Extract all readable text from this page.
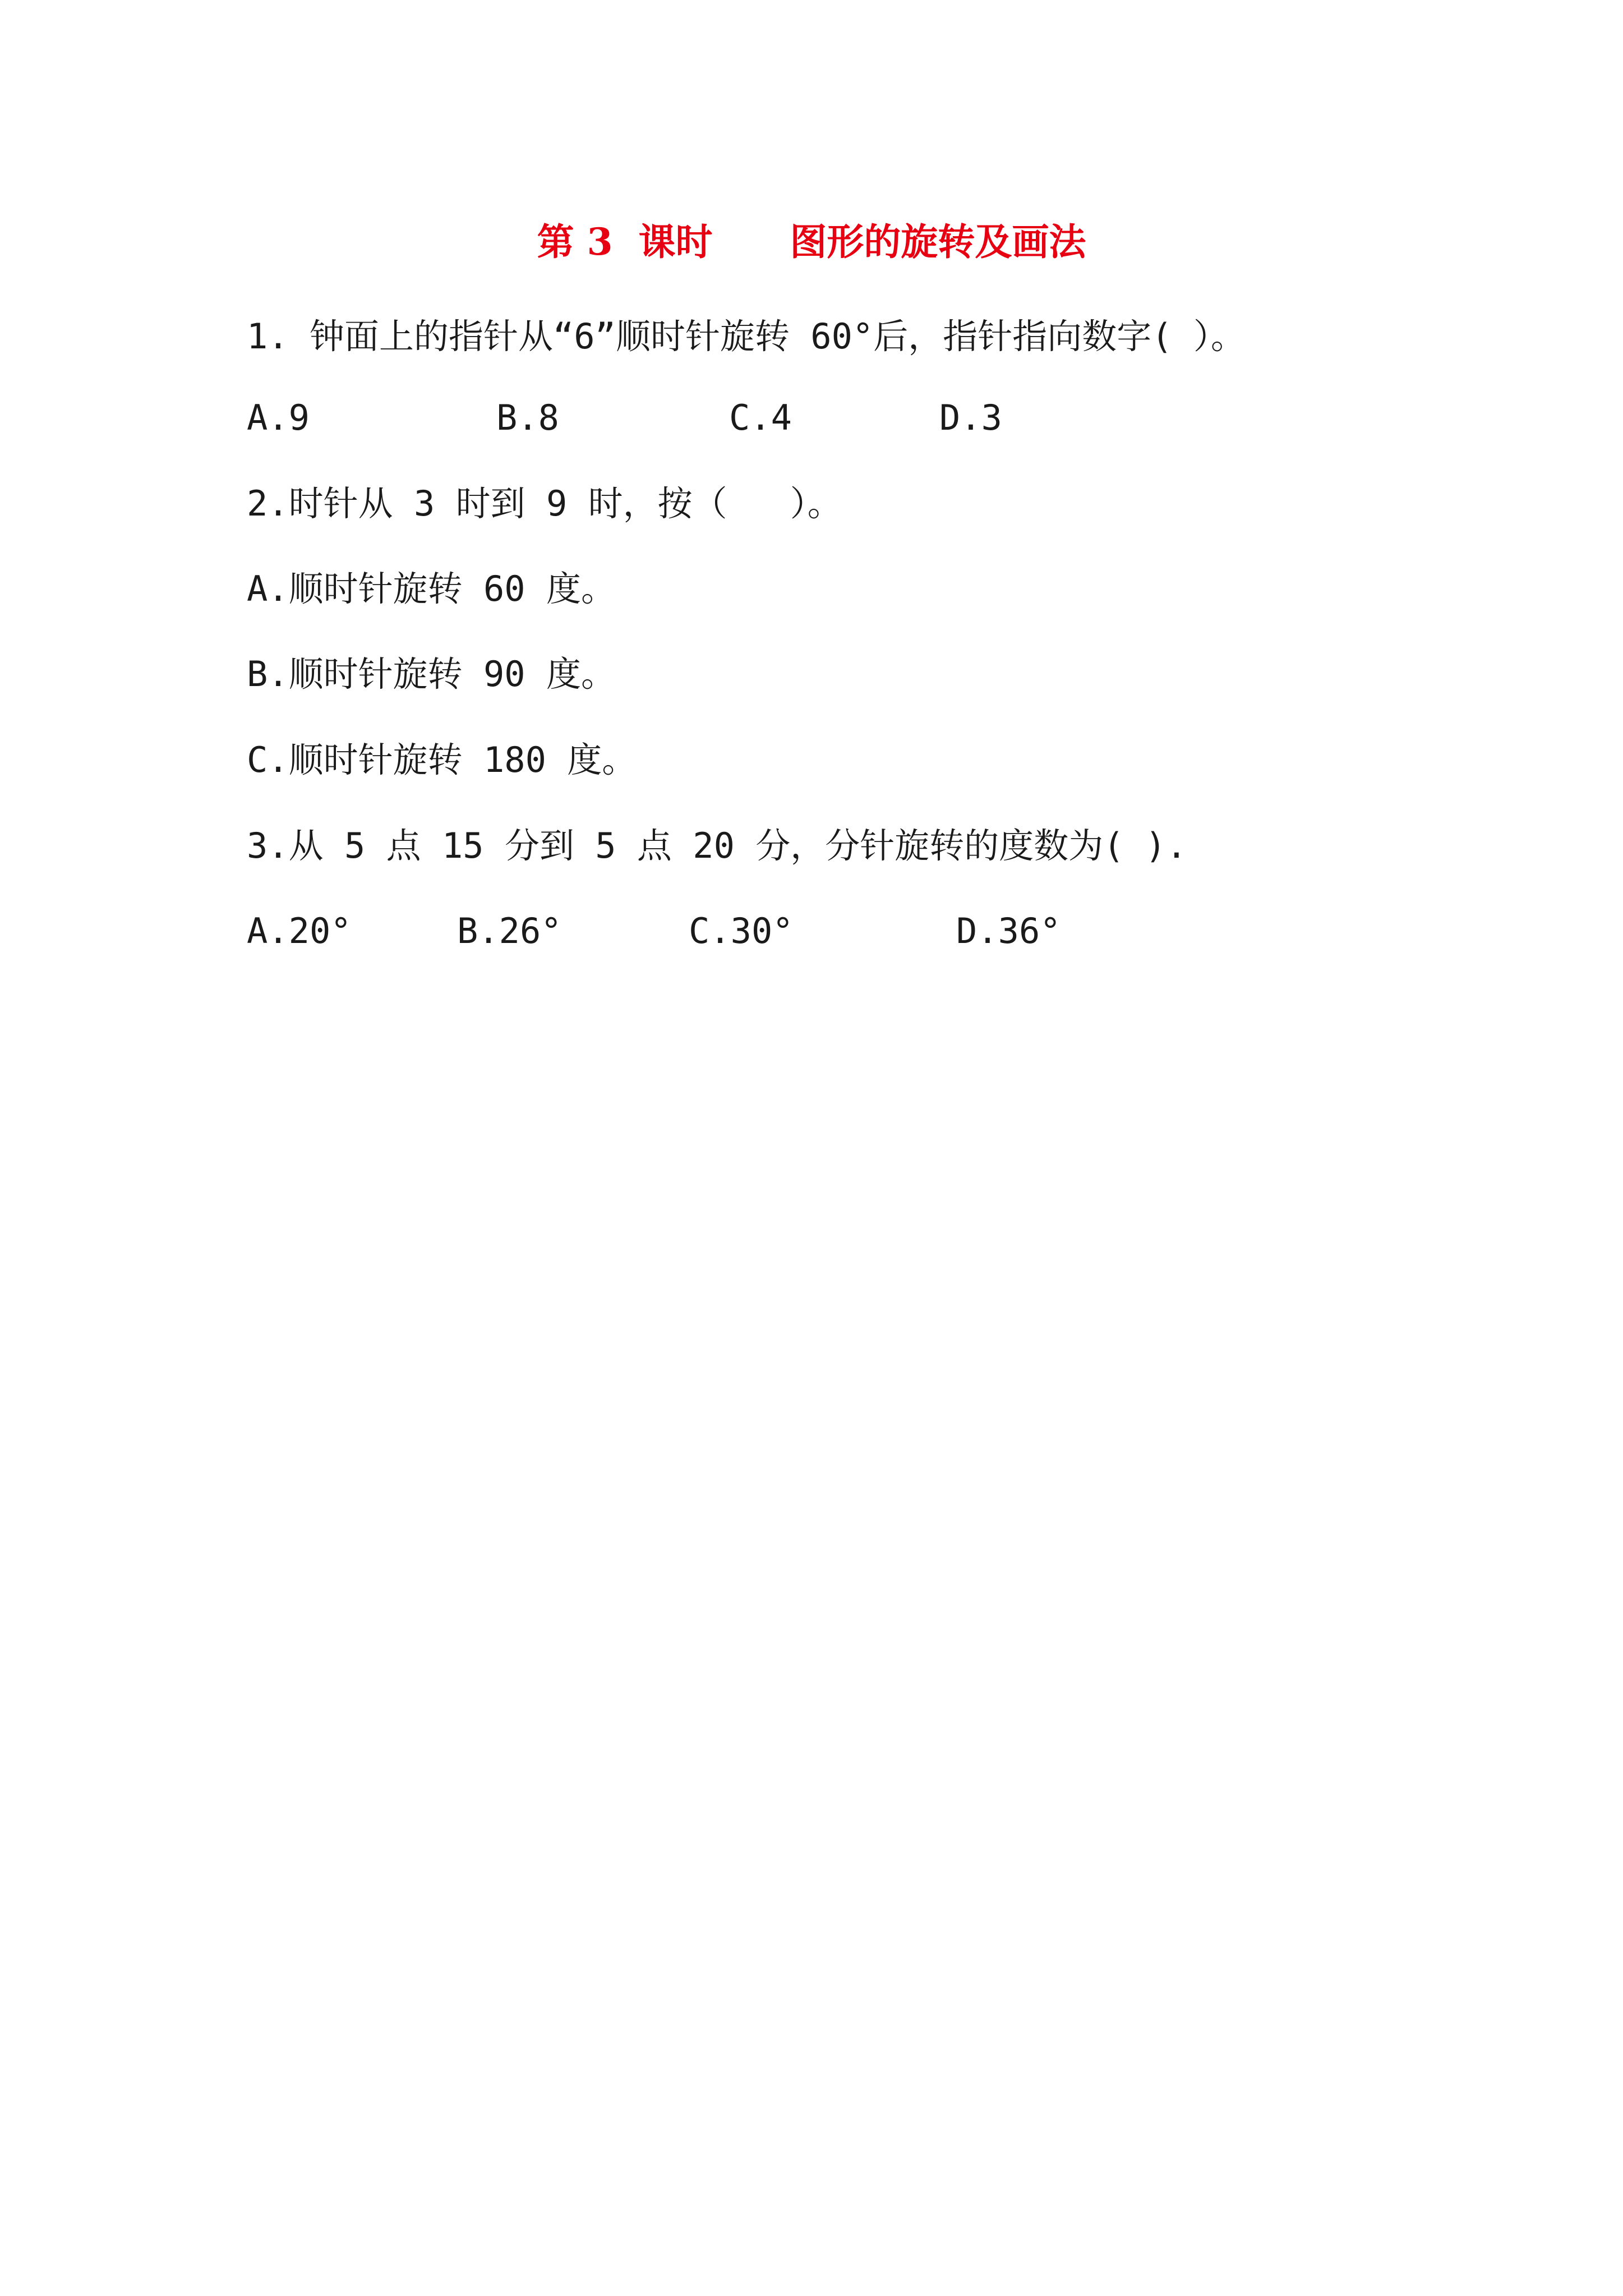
第 3  课时      图形的旋转及画法
1. 钟面上的指针从“6”顺时针旋转 60°后，指针指向数字( ）。
A.9	B.8	C.4	D.3
2.时针从 3 时到 9 时，按（   ）。
A.顺时针旋转 60 度。
B.顺时针旋转 90 度。
C.顺时针旋转 180 度。
3.从 5 点 15 分到 5 点 20 分，分针旋转的度数为( ).
A.20°	B.26°	C.30°	D.36°
